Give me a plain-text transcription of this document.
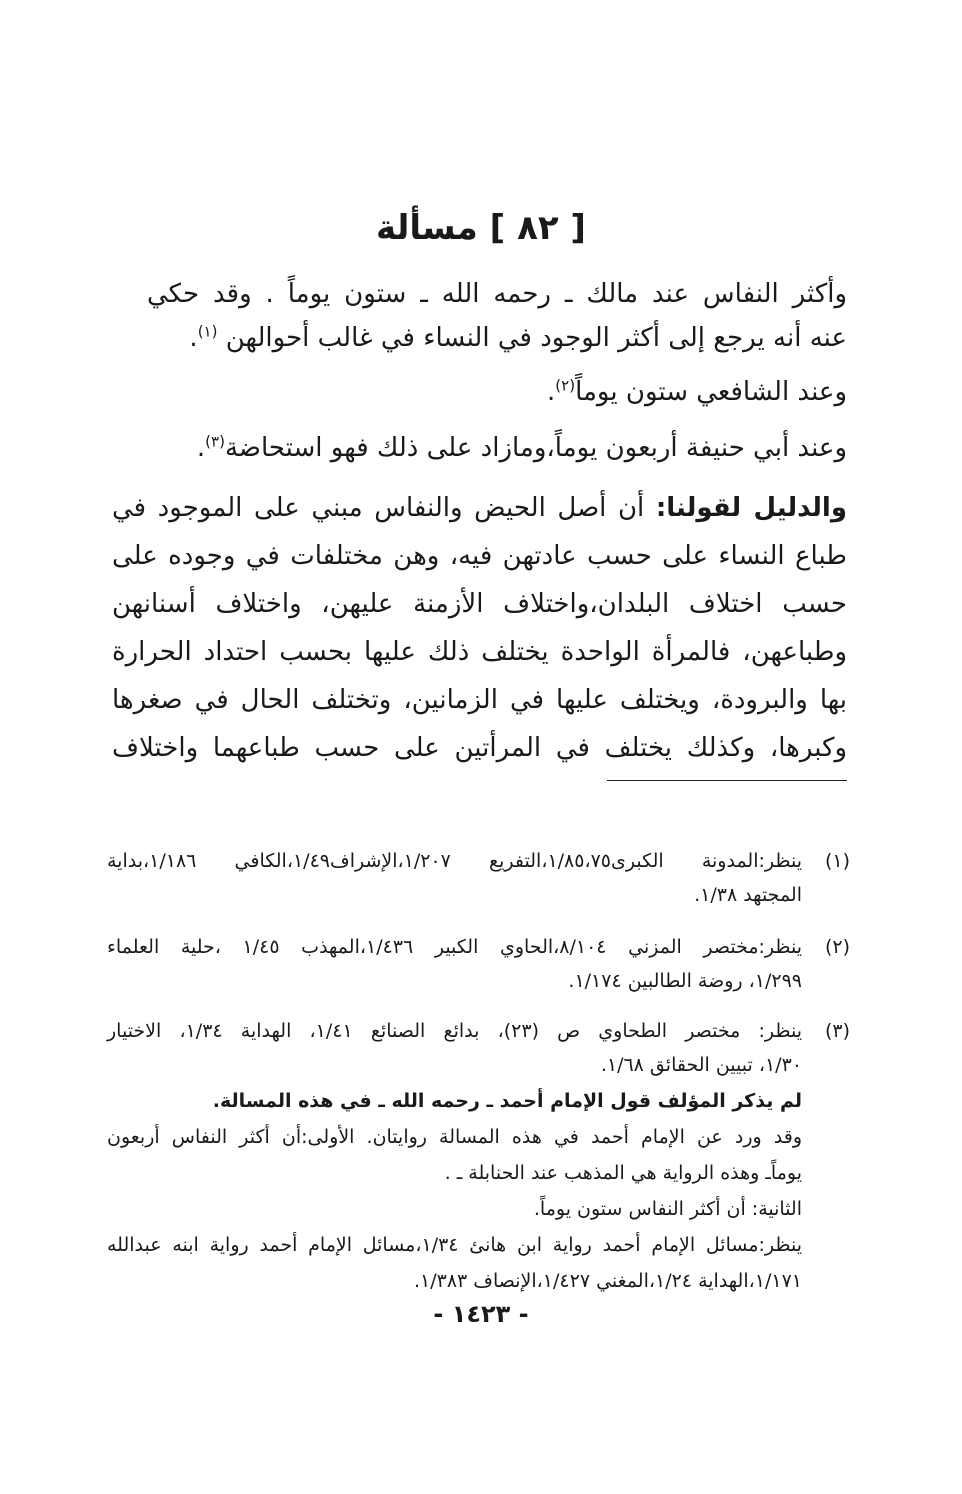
[ ٨٢ ] مسألة
وأكثر النفاس عند مالك ـ رحمه الله ـ ستون يوماً . وقد حكي
عنه أنه يرجع إلى أكثر الوجود في النساء في غالب أحوالهن $^{(١)}$.
وعند الشافعي ستون يوماً$^{(٢)}$.
وعند أبي حنيفة أربعون يوماً،ومازاد على ذلك فهو استحاضة$^{(٣)}$.
والدليل لقولنا: أن أصل الحيض والنفاس مبني على الموجود في
طباع النساء على حسب عادتهن فيه، وهن مختلفات في وجوده على
حسب اختلاف البلدان،واختلاف الأزمنة عليهن، واختلاف أسنانهن
وطباعهن، فالمرأة الواحدة يختلف ذلك عليها بحسب احتداد الحرارة
بها والبرودة، ويختلف عليها في الزمانين، وتختلف الحال في صغرها
وكبرها، وكذلك يختلف في المرأتين على حسب طباعهما واختلاف
(١)
ينظر:المدونة الكبرى١/٨٥،٧٥،التفريع ١/٢٠٧،الإشراف١/٤٩،الكافي ١/١٨٦،بداية
المجتهد ١/٣٨.
(٢)
ينظر:مختصر المزني ٨/١٠٤،الحاوي الكبير ١/٤٣٦،المهذب ١/٤٥ ،حلية العلماء
١/٢٩٩، روضة الطالبين ١/١٧٤.
(٣)
ينظر: مختصر الطحاوي ص (٢٣)، بدائع الصنائع ١/٤١، الهداية ١/٣٤، الاختيار
١/٣٠، تبيين الحقائق ١/٦٨.
لم يذكر المؤلف قول الإمام أحمد ـ رحمه الله ـ في هذه المسالة.
وقد ورد عن الإمام أحمد في هذه المسالة روايتان. الأولى:أن أكثر النفاس أربعون
يوماًـ وهذه الرواية هي المذهب عند الحنابلة ـ .
الثانية: أن أكثر النفاس ستون يوماً.
ينظر:مسائل الإمام أحمد رواية ابن هانئ ١/٣٤،مسائل الإمام أحمد رواية ابنه عبدالله
١/١٧١،الهداية ١/٢٤،المغني ١/٤٢٧،الإنصاف ١/٣٨٣.
- ١٤٢٣ -
